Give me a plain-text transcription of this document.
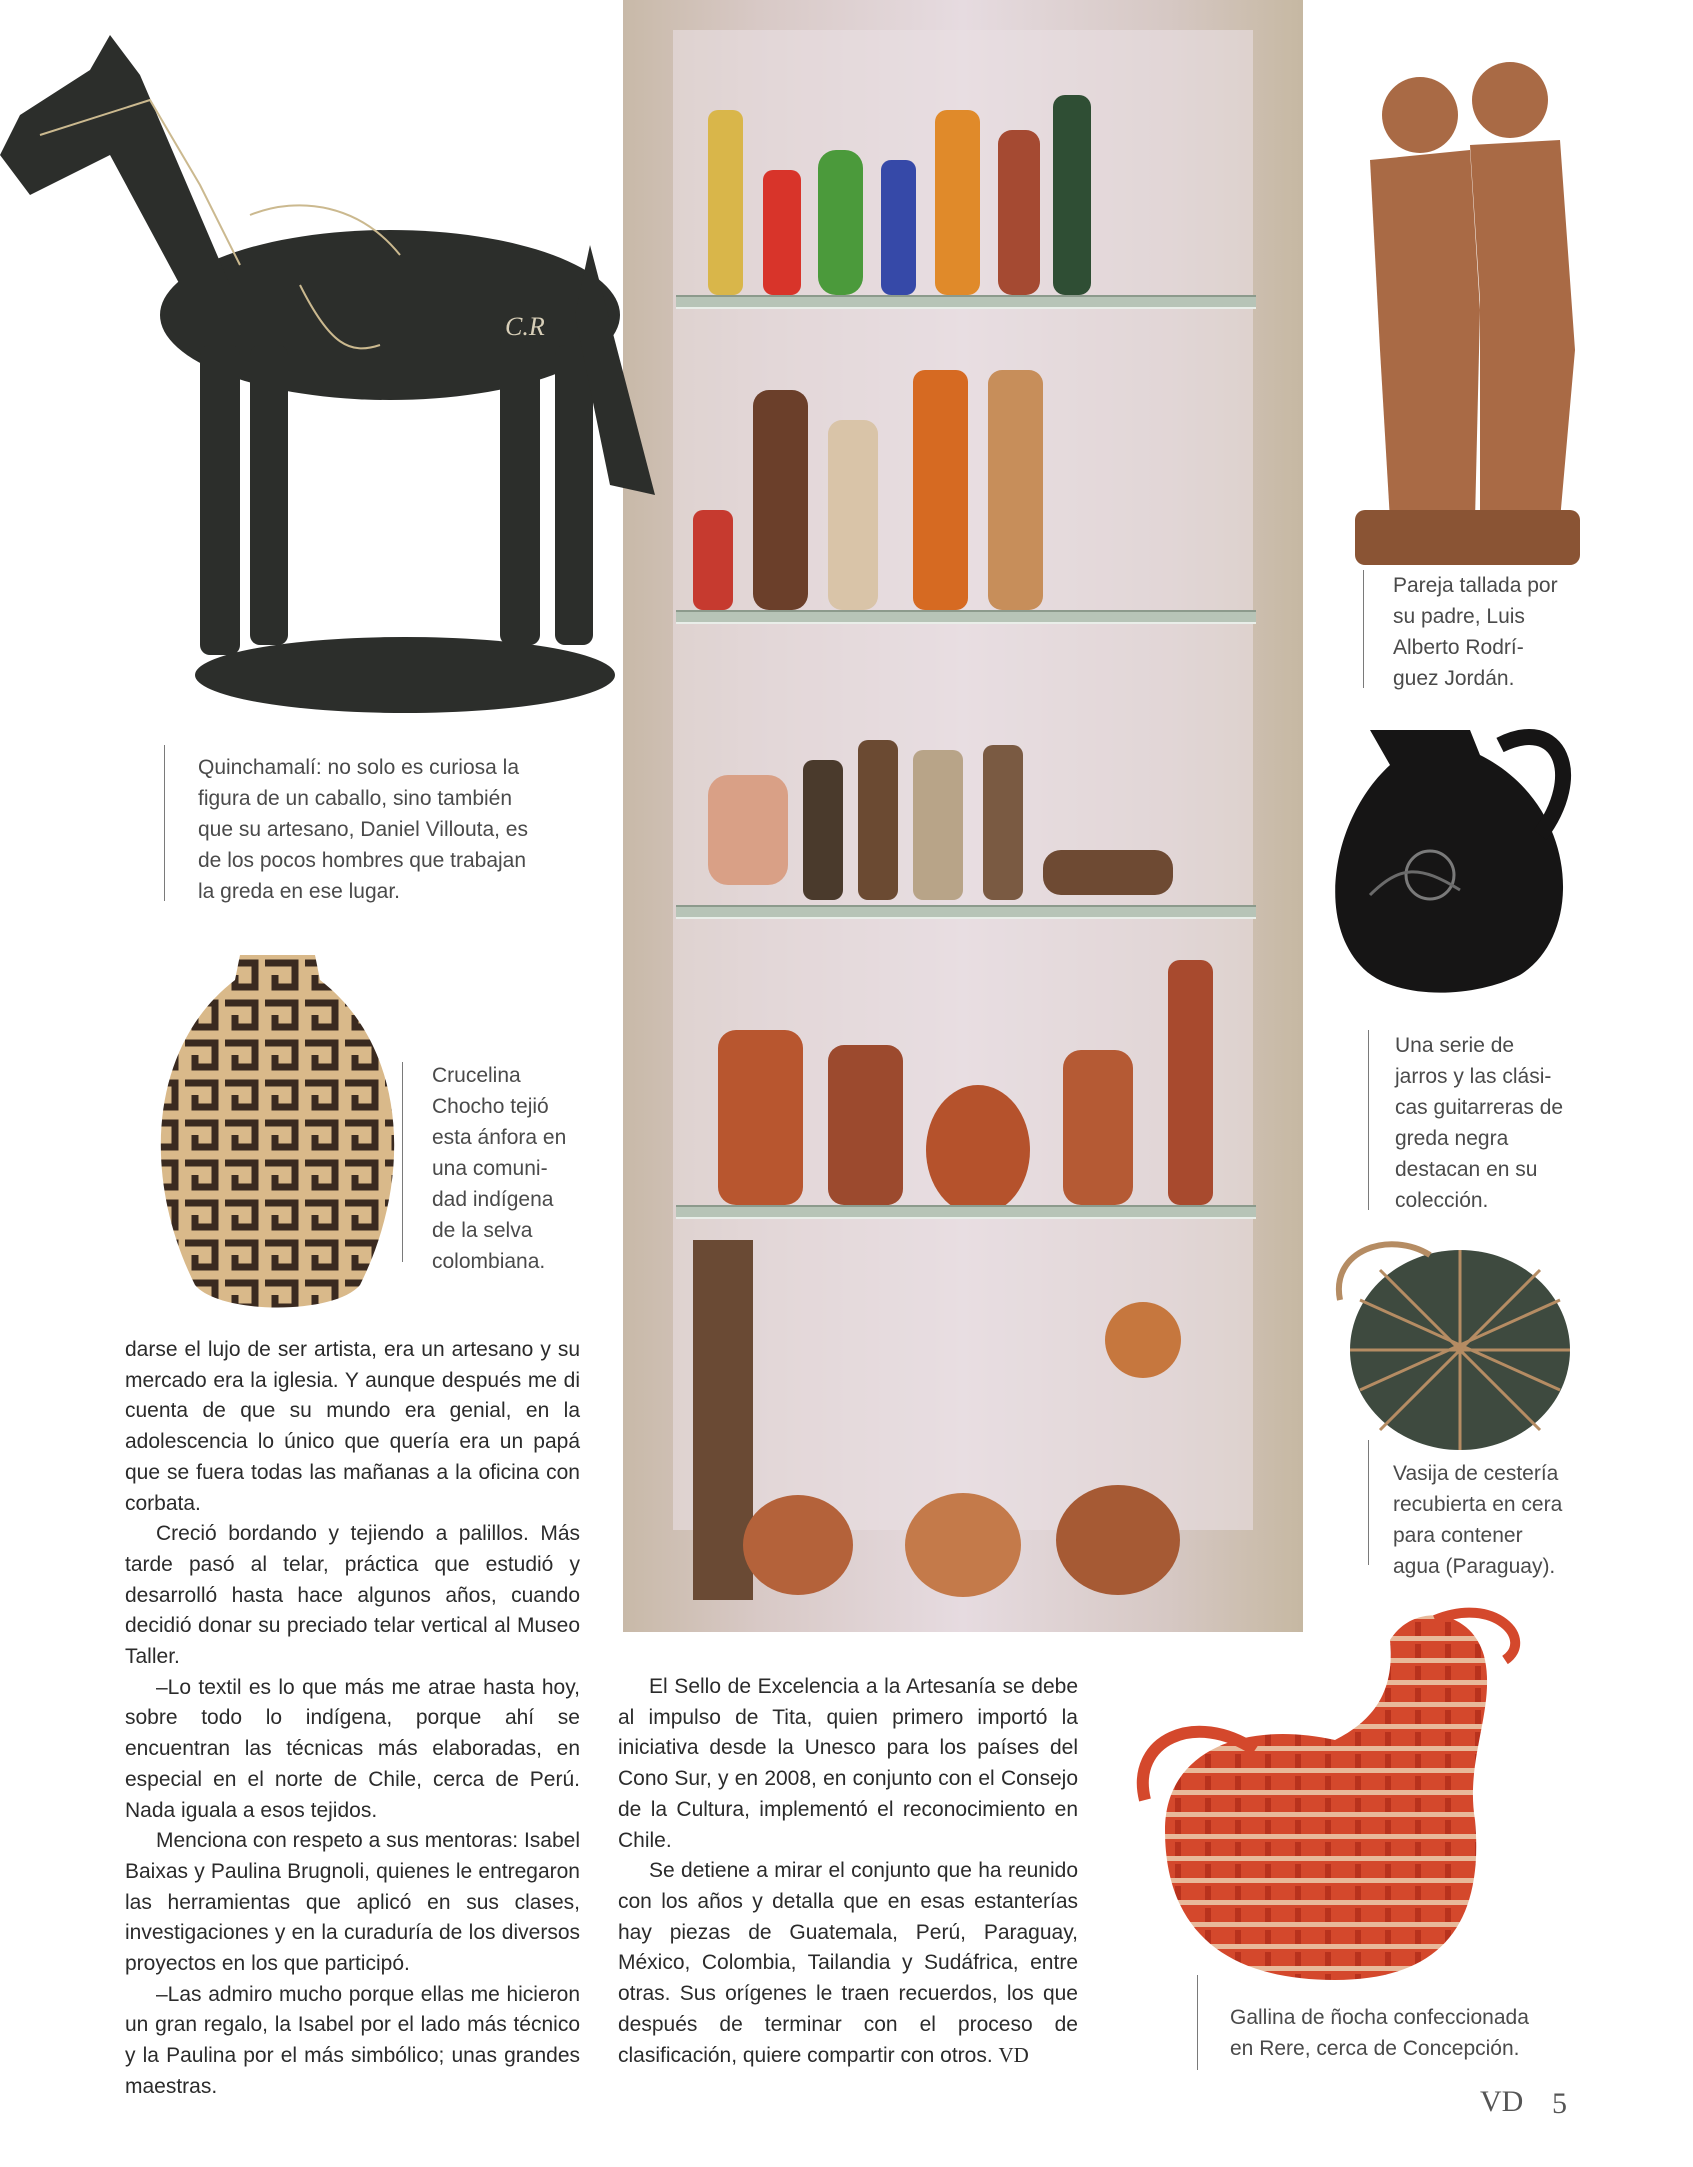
C.R
Quinchamalí: no solo es curiosa la
figura de un caballo, sino también
que su artesano, Daniel Villouta, es
de los pocos hombres que trabajan
la greda en ese lugar.
Crucelina
Chocho tejió
esta ánfora en
una comuni-
dad indígena
de la selva
colombiana.
Pareja tallada por
su padre, Luis
Alberto Rodrí-
guez Jordán.
Una serie de
jarros y las clási-
cas guitarreras de
greda negra
destacan en su
colección.
Vasija de cestería
recubierta en cera
para contener
agua (Paraguay).
Gallina de ñocha confeccionada
en Rere, cerca de Concepción.

darse el lujo de ser artista, era un artesano y su mercado era la iglesia. Y aunque después me di cuenta de que su mundo era genial, en la adolescencia lo único que quería era un papá que se fuera todas las mañanas a la oficina con corbata.

Creció bordando y tejiendo a palillos. Más tarde pasó al telar, práctica que estudió y desarrolló hasta hace algunos años, cuando decidió donar su preciado telar vertical al Museo Taller.

–Lo textil es lo que más me atrae hasta hoy, sobre todo lo indígena, porque ahí se encuentran las técnicas más elaboradas, en especial en el norte de Chile, cerca de Perú. Nada iguala a esos tejidos.

Menciona con respeto a sus mentoras: Isabel Baixas y Paulina Brugnoli, quienes le entregaron las herramientas que aplicó en sus clases, investigaciones y en la curaduría de los diversos proyectos en los que participó.

–Las admiro mucho porque ellas me hicieron un gran regalo, la Isabel por el lado más técnico y la Paulina por el más simbólico; unas grandes maestras.

El Sello de Excelencia a la Artesanía se debe al impulso de Tita, quien primero importó la iniciativa desde la Unesco para los países del Cono Sur, y en 2008, en conjunto con el Consejo de la Cultura, implementó el reconocimiento en Chile.

Se detiene a mirar el conjunto que ha reunido con los años y detalla que en esas estanterías hay piezas de Guatemala, Perú, Paraguay, México, Colombia, Tailandia y Sudáfrica, entre otras. Sus orígenes le traen recuerdos, los que después de terminar con el proceso de clasificación, quiere compartir con otros. VD

VD 5
